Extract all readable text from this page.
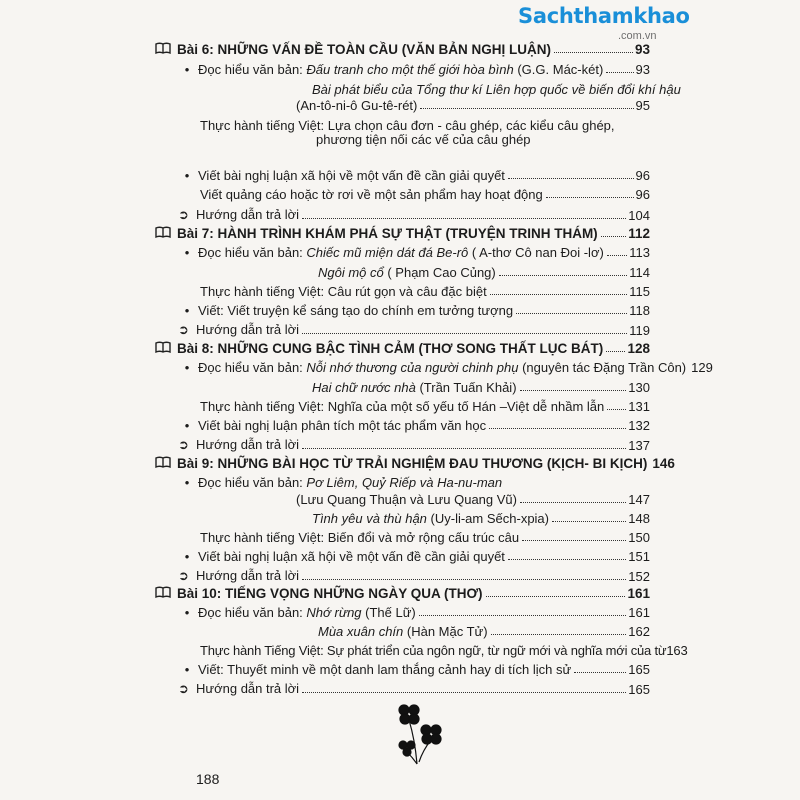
Sachthamkhao
.com.vn
Bài 6: NHỮNG VẤN ĐỀ TOÀN CẦU (VĂN BẢN NGHỊ LUẬN)	93
• Đọc hiểu văn bản: Đấu tranh cho một thế giới hòa bình (G.G. Mác-két) 93
Bài phát biểu của Tổng thư kí Liên hợp quốc về biến đổi khí hậu
(An-tô-ni-ô Gu-tê-rét)	95
Thực hành tiếng Việt: Lựa chọn câu đơn - câu ghép, các kiểu câu ghép,
phương tiện nối các vế của câu ghép
• Viết bài nghị luận xã hội về một vấn đề cần giải quyết	96
Viết quảng cáo hoặc tờ rơi về một sản phẩm hay hoạt động	96
➲ Hướng dẫn trả lời	104
Bài 7: HÀNH TRÌNH KHÁM PHÁ SỰ THẬT (TRUYỆN TRINH THÁM) 112
• Đọc hiểu văn bản: Chiếc mũ miện dát đá Be-rô ( A-thơ Cô nan Đoi -lơ) 113
Ngôi mộ cổ ( Phạm Cao Củng)	114
Thực hành tiếng Việt: Câu rút gọn và câu đặc biệt	115
• Viết: Viết truyện kể sáng tạo do chính em tưởng tượng	118
➲ Hướng dẫn trả lời	119
Bài 8: NHỮNG CUNG BẬC TÌNH CẢM (THƠ SONG THẤT LỤC BÁT) 128
• Đọc hiểu văn bản: Nỗi nhớ thương của người chinh phụ (nguyên tác Đặng Trần Côn) 129
Hai chữ nước nhà (Trần Tuấn Khải)	130
Thực hành tiếng Việt: Nghĩa của một số yếu tố Hán –Việt dễ nhầm lẫn 131
• Viết bài nghị luận phân tích một tác phẩm văn học	132
➲ Hướng dẫn trả lời	137
Bài 9: NHỮNG BÀI HỌC TỪ TRẢI NGHIỆM ĐAU THƯƠNG (KỊCH- BI KỊCH) 146
• Đọc hiểu văn bản: Pơ Liêm, Quỷ Riếp và Ha-nu-man
(Lưu Quang Thuận và Lưu Quang Vũ)	147
Tình yêu và thù hận (Uy-li-am Sếch-xpia)	148
Thực hành tiếng Việt: Biến đổi và mở rộng cấu trúc câu	150
• Viết bài nghị luận xã hội về một vấn đề cần giải quyết	151
➲ Hướng dẫn trả lời	152
Bài 10: TIẾNG VỌNG NHỮNG NGÀY QUA (THƠ)	161
• Đọc hiểu văn bản: Nhớ rừng (Thế Lữ)	161
Mùa xuân chín (Hàn Mặc Tử)	162
Thực hành Tiếng Việt: Sự phát triển của ngôn ngữ, từ ngữ mới và nghĩa mới của từ 163
• Viết: Thuyết minh về một danh lam thắng cảnh hay di tích lịch sử	165
➲ Hướng dẫn trả lời	165
188
